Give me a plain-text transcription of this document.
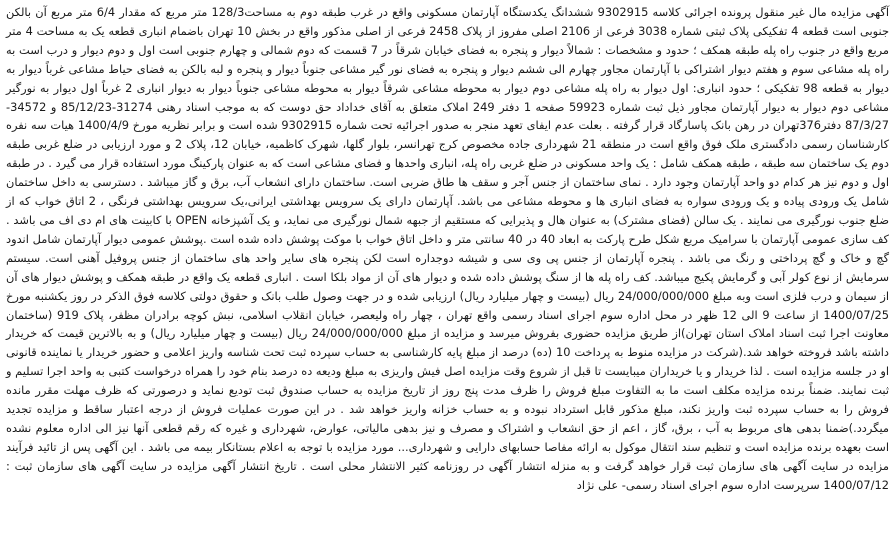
آگهی مزایده مال غیر منقول پرونده اجرائی کلاسه 9302915 ششدانگ یکدستگاه آپارتمان مسکونی واقع در غرب طبقه دوم به مساحت128/3 متر مربع که مقدار 6/4 متر مربع آن بالکن جنوبی است قطعه 4 تفکیکی پلاک ثبتی شماره 3038 فرعی از 2106 اصلی مفروز از پلاک 2458 فرعی از اصلی مذکور واقع در بخش 10 تهران باضمام انباری قطعه یک به مساحت 4 متر مربع واقع در جنوب راه پله طبقه همکف ؛ حدود و مشخصات : شمالاً دیوار و پنجره به فضای خیابان شرقاً در 7 قسمت که دوم شمالی و چهارم جنوبی است اول و دوم دیوار و درب است به راه پله مشاعی سوم و هفتم دیوار اشتراکی با آپارتمان مجاور چهارم الی ششم دیوار و پنجره به فضای نور گیر مشاعی جنوباً دیوار و پنجره و لبه بالکن به فضای حیاط مشاعی غرباً دیوار به دیوار به قطعه 98 تفکیکی ؛ حدود انباری: اول دیوار به راه پله مشاعی دوم دیوار به محوطه مشاعی شرقاً دیوار به محوطه مشاعی جنوباً دیوار به دیوار انباری 2 غرباً اول دیوار به نورگیر مشاعی دوم دیوار به دیوار آپارتمان مجاور ذیل ثبت شماره 59923 صفحه 1 دفتر 249 املاک متعلق به آقای خداداد حق دوست که به موجب اسناد رهنی 31274-85/12/23 و 34572-87/3/27 دفتر376تهران در رهن بانک پاسارگاد قرار گرفته . بعلت عدم ایفای تعهد منجر به صدور اجرائیه تحت شماره 9302915 شده است و برابر نظریه مورخ 1400/4/9 هیات سه نفره کارشناسان رسمی دادگستری ملک فوق واقع است در منطقه 21 شهرداری جاده مخصوص کرج تهرانسر، بلوار گلها، شهرک کاظمیه، خیابان 12، پلاک 2 و مورد ارزیابی در ضلع غربی طبقه دوم یک ساختمان سه طبقه ، طبقه همکف شامل : یک واحد مسکونی در ضلع غربی راه پله، انباری واحدها و فضای مشاعی است که به عنوان پارکینگ مورد استفاده قرار می گیرد . در طبقه اول و دوم نیز هر کدام دو واحد آپارتمان وجود دارد . نمای ساختمان از جنس آجر و سقف ها طاق ضربی است. ساختمان دارای انشعاب آب، برق و گاز میباشد . دسترسی به داخل ساختمان شامل یک ورودی پیاده و یک ورودی سواره به فضای انباری ها و محوطه مشاعی می باشد. آپارتمان دارای یک سرویس بهداشتی ایرانی،یک سرویس بهداشتی فرنگی ، 2 اتاق خواب که از ضلع جنوب نورگیری می نمایند . یک سالن (فضای مشترک) به عنوان هال و پذیرایی که مستقیم از جبهه شمال نورگیری می نماید، و یک آشپزخانه OPEN با کابینت های ام دی اف می باشد . کف سازی عمومی آپارتمان با سرامیک مربع شکل طرح پارکت به ابعاد 40 در 40 سانتی متر و داخل اتاق خواب با موکت پوشش داده شده است .پوشش عمومی دیوار آپارتمان شامل اندود گچ و خاک و گچ پرداختی و رنگ می باشد . پنجره آپارتمان از جنس پی وی سی و شیشه دوجداره است لکن پنجره های سایر واحد های ساختمان از جنس پروفیل آهنی است. سیستم سرمایش از نوع کولر آبی و گرمایش پکیج میباشد. کف راه پله ها از سنگ پوشش داده شده و دیوار های آن از مواد بلکا است . انباری قطعه یک واقع در طبقه همکف و پوشش دیوار های آن از سیمان و درب فلزی است وبه مبلغ 24/000/000/000 ریال (بیست و چهار میلیارد ریال) ارزیابی شده و در جهت وصول طلب بانک و حقوق دولتی کلاسه فوق الذکر در روز یکشنبه مورخ 1400/07/25 از ساعت 9 الی 12 ظهر در محل اداره سوم اجرای اسناد رسمی واقع تهران ، چهار راه ولیعصر، خیابان انقلاب اسلامی، نبش کوچه برادران مظفر، پلاک 919 (ساختمان معاونت اجرا ثبت اسناد املاک استان تهران)از طریق مزایده حضوری بفروش میرسد و مزایده از مبلغ 24/000/000/000 ریال (بیست و چهار میلیارد ریال) و به بالاترین قیمت که خریدار داشته باشد فروخته خواهد شد.(شرکت در مزایده منوط به پرداخت 10 (ده) درصد از مبلغ پایه کارشناسی به حساب سپرده ثبت تحت شناسه واریز اعلامی و حضور خریدار یا نماینده قانونی او در جلسه مزایده است . لذا خریدار و یا خریداران میبایست تا قبل از شروع وقت مزایده اصل فیش واریزی به مبلغ ودیعه ده درصد بنام خود را همراه درخواست کتبی به واحد اجرا تسلیم و ثبت نمایند. ضمناً برنده مزایده مکلف است ما به التفاوت مبلغ فروش را ظرف مدت پنج روز از تاریخ مزایده به حساب صندوق ثبت تودیع نماید و درصورتی که ظرف مهلت مقرر مانده فروش را به حساب سپرده ثبت واریز نکند، مبلغ مذکور قابل استرداد نبوده و به حساب خزانه واریز خواهد شد . در این صورت عملیات فروش از درجه اعتبار ساقط و مزایده تجدید میگردد.)ضمنا بدهی های مربوط به آب ، برق، گاز ، اعم از حق انشعاب و اشتراک و مصرف و نیز بدهی مالیاتی، عوارض، شهرداری و غیره که رقم قطعی آنها نیز الی اداره معلوم نشده است بعهده برنده مزایده است و تنظیم سند انتقال موکول به ارائه مفاصا حسابهای دارایی و شهرداری... مورد مزایده با توجه به اعلام بستانکار بیمه می باشد . این آگهی پس از تائید فرآیند مزایده در سایت آگهی های سازمان ثبت قرار خواهد گرفت و به منزله انتشار آگهی در روزنامه کثیر الانتشار محلی است . تاریخ انتشار آگهی مزایده در سایت آگهی های سازمان ثبت : 1400/07/12 سرپرست اداره سوم اجرای اسناد رسمی- علی نژاد
